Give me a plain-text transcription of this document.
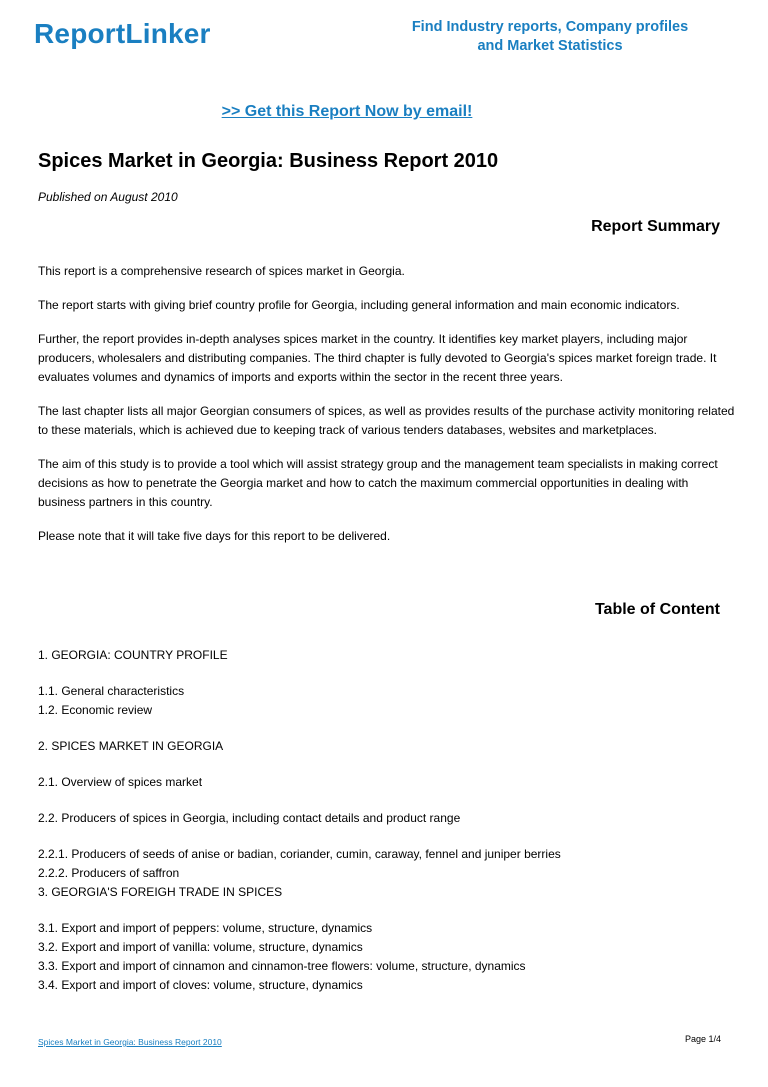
ReportLinker	Find Industry reports, Company profiles
and Market Statistics
>> Get this Report Now by email!
Spices Market in Georgia: Business Report 2010
Published on August 2010
Report Summary

This report is a comprehensive research of spices market in Georgia.

The report starts with giving brief country profile for Georgia, including general information and main economic indicators.

Further, the report provides in-depth analyses spices market in the country. It identifies key market players, including major producers, wholesalers and distributing companies. The third chapter is fully devoted to Georgia's spices market foreign trade. It evaluates volumes and dynamics of imports and exports within the sector in the recent three years.

The last chapter lists all major Georgian consumers of spices, as well as provides results of the purchase activity monitoring related to these materials, which is achieved due to keeping track of various tenders databases, websites and marketplaces.

The aim of this study is to provide a tool which will assist strategy group and the management team specialists in making correct decisions as how to penetrate the Georgia market and how to catch the maximum commercial opportunities in dealing with business partners in this country.

Please note that it will take five days for this report to be delivered.

Table of Content

1. GEORGIA: COUNTRY PROFILE

1.1. General characteristics

1.2. Economic review

2. SPICES MARKET IN GEORGIA

2.1. Overview of spices market

2.2. Producers of spices in Georgia, including contact details and product range

2.2.1. Producers of seeds of anise or badian, coriander, cumin, caraway, fennel and juniper berries

2.2.2. Producers of saffron

3. GEORGIA'S FOREIGH TRADE IN SPICES

3.1. Export and import of peppers: volume, structure, dynamics

3.2. Export and import of vanilla: volume, structure, dynamics

3.3. Export and import of cinnamon and cinnamon-tree flowers: volume, structure, dynamics

3.4. Export and import of cloves: volume, structure, dynamics

Spices Market in Georgia: Business Report 2010	Page 1/4
